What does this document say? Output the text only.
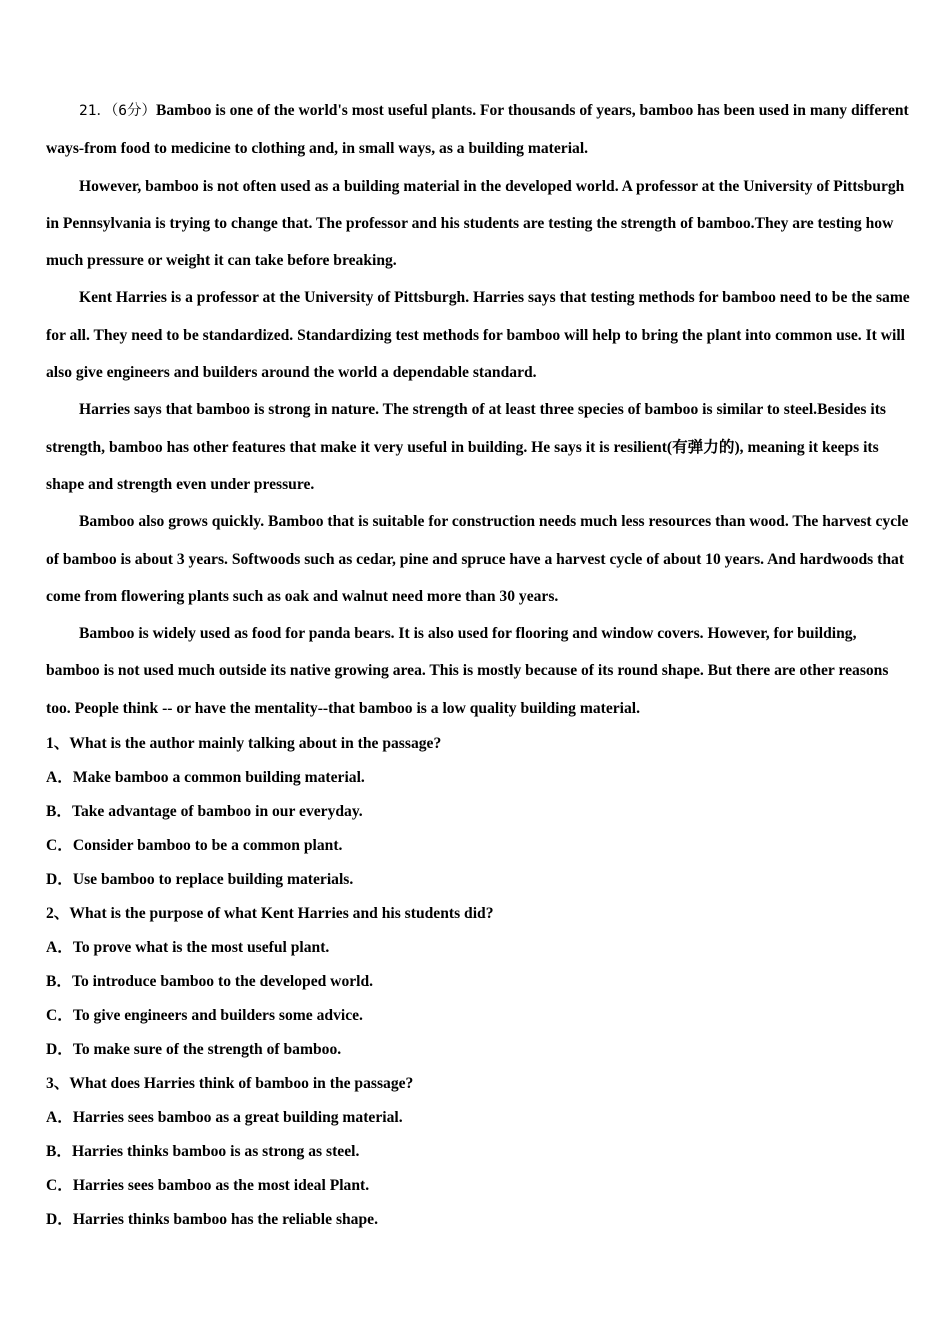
21．（6分）Bamboo is one of the world's most useful plants. For thousands of years, bamboo has been used in many different ways-from food to medicine to clothing and, in small ways, as a building material.

However, bamboo is not often used as a building material in the developed world. A professor at the University of Pittsburgh in Pennsylvania is trying to change that. The professor and his students are testing the strength of bamboo.They are testing how much pressure or weight it can take before breaking.

Kent Harries is a professor at the University of Pittsburgh. Harries says that testing methods for bamboo need to be the same for all. They need to be standardized. Standardizing test methods for bamboo will help to bring the plant into common use. It will also give engineers and builders around the world a dependable standard.

Harries says that bamboo is strong in nature. The strength of at least three species of bamboo is similar to steel.Besides its strength, bamboo has other features that make it very useful in building. He says it is resilient(有弹力的), meaning it keeps its shape and strength even under pressure.

Bamboo also grows quickly. Bamboo that is suitable for construction needs much less resources than wood. The harvest cycle of bamboo is about 3 years. Softwoods such as cedar, pine and spruce have a harvest cycle of about 10 years. And hardwoods that come from flowering plants such as oak and walnut need more than 30 years.

Bamboo is widely used as food for panda bears. It is also used for flooring and window covers. However, for building, bamboo is not used much outside its native growing area. This is mostly because of its round shape. But there are other reasons too. People think -- or have the mentality--that bamboo is a low quality building material.

1、What is the author mainly talking about in the passage?

A．Make bamboo a common building material.

B．Take advantage of bamboo in our everyday.

C．Consider bamboo to be a common plant.

D．Use bamboo to replace building materials.

2、What is the purpose of what Kent Harries and his students did?

A．To prove what is the most useful plant.

B．To introduce bamboo to the developed world.

C．To give engineers and builders some advice.

D．To make sure of the strength of bamboo.

3、What does Harries think of bamboo in the passage?

A．Harries sees bamboo as a great building material.

B．Harries thinks bamboo is as strong as steel.

C．Harries sees bamboo as the most ideal Plant.

D．Harries thinks bamboo has the reliable shape.
